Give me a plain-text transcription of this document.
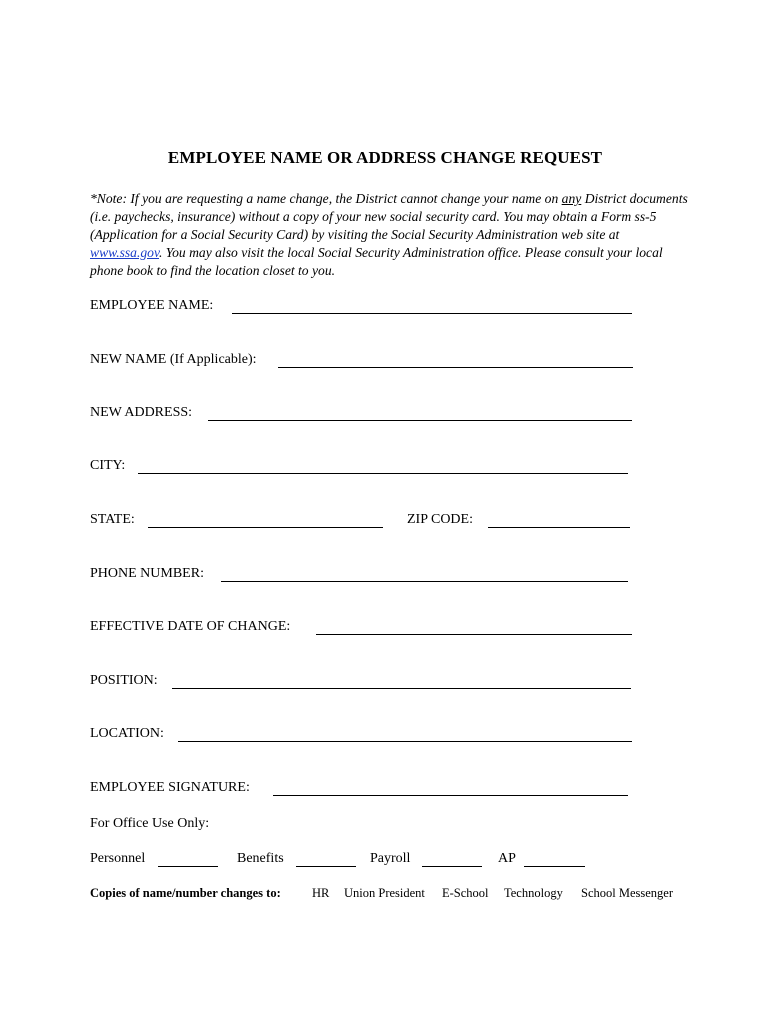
EMPLOYEE NAME OR ADDRESS CHANGE REQUEST
*Note: If you are requesting a name change, the District cannot change your name on any District documents (i.e. paychecks, insurance) without a copy of your new social security card. You may obtain a Form ss-5 (Application for a Social Security Card) by visiting the Social Security Administration web site at www.ssa.gov. You may also visit the local Social Security Administration office. Please consult your local phone book to find the location closet to you.
EMPLOYEE NAME:
NEW NAME (If Applicable):
NEW ADDRESS:
CITY:
STATE:	ZIP CODE:
PHONE NUMBER:
EFFECTIVE DATE OF CHANGE:
POSITION:
LOCATION:
EMPLOYEE SIGNATURE:
For Office Use Only:
Personnel	Benefits	Payroll	AP
Copies of name/number changes to:	HR Union President E-School Technology School Messenger
